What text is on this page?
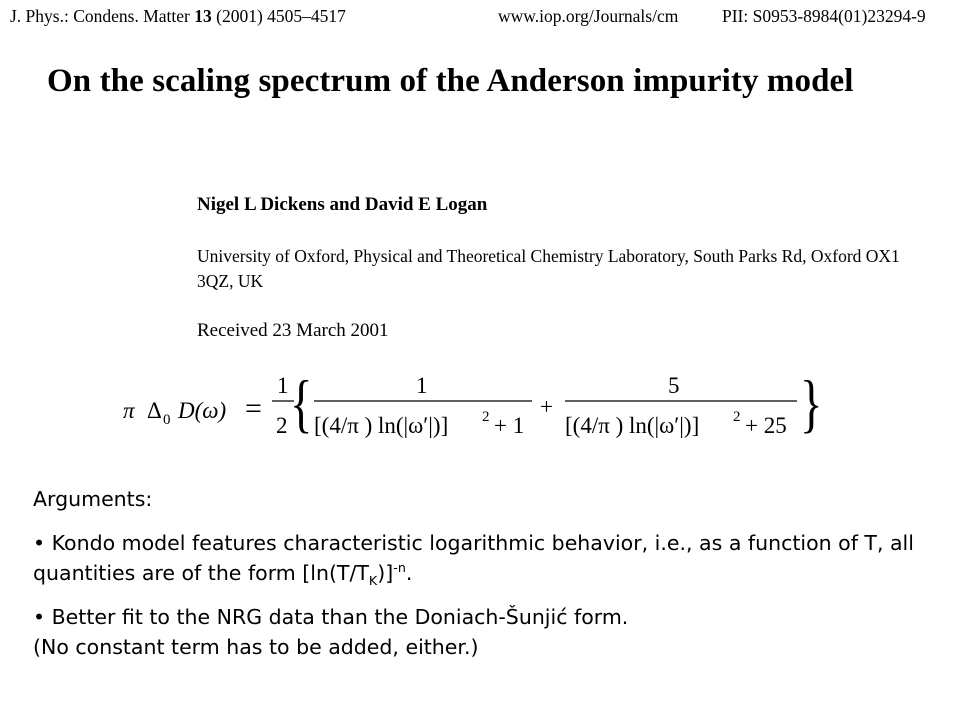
J. Phys.: Condens. Matter 13 (2001) 4505–4517	www.iop.org/Journals/cm PII: S0953-8984(01)23294-9
On the scaling spectrum of the Anderson impurity model
Nigel L Dickens and David E Logan
University of Oxford, Physical and Theoretical Chemistry Laboratory, South Parks Rd, Oxford OX1 3QZ, UK
Received 23 March 2001
π Δ 0 D(ω) =
1
2 {	1
[(4/π ) ln(|ω′|)] 2 + 1
+
5
[(4/π ) ln(|ω′|)] 2 + 25 }
Arguments:
• Kondo model features characteristic logarithmic behavior, i.e., as a function of T, all quantities are of the form $[\ln(T/T_K)]^{-n}$.
• Better fit to the NRG data than the Doniach-Šunjić form.
(No constant term has to be added, either.)
